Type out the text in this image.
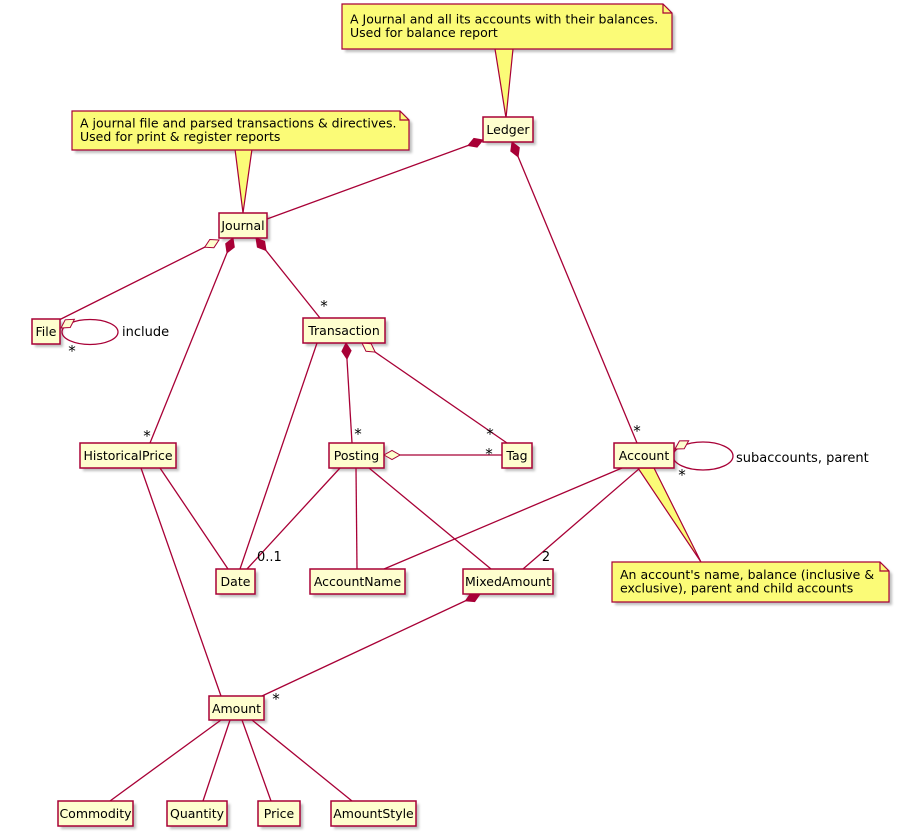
Ledger
Journal
File	Transaction
HistoricalPrice	Posting	Tag	Account
Date	AccountName	MixedAmount
Amount
Commodity	Quantity	Price	AmountStyle
A Journal and all its accounts with their balances.
Used for balance report
A journal file and parsed transactions & directives.
Used for print & register reports
An account's name, balance (inclusive &
exclusive), parent and child accounts
*
include
*
*
*	*
*
*
*
subaccounts, parent
0..1	2
*
